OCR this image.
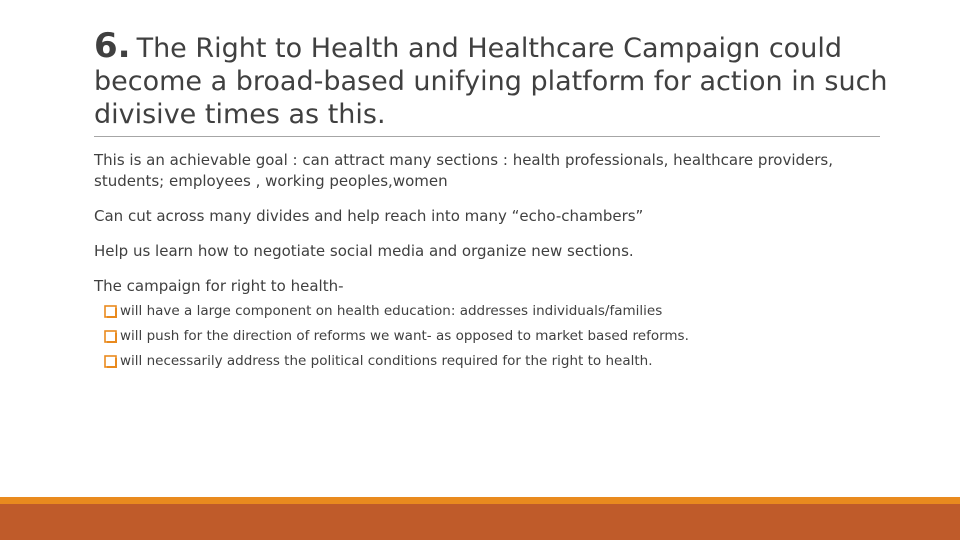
6. The Right to Health and Healthcare Campaign could become a broad-based unifying platform for action in such divisive times as this.

This is an achievable goal : can attract many sections : health professionals, healthcare providers, students; employees , working peoples,women

Can cut across many divides and help reach into many “echo-chambers”

Help us learn how to negotiate social media and organize new sections.

The campaign for right to health-

will have a large component on health education: addresses individuals/families
will push for the direction of reforms we want- as opposed to market based reforms.
will necessarily address the political conditions required for the right to health.
